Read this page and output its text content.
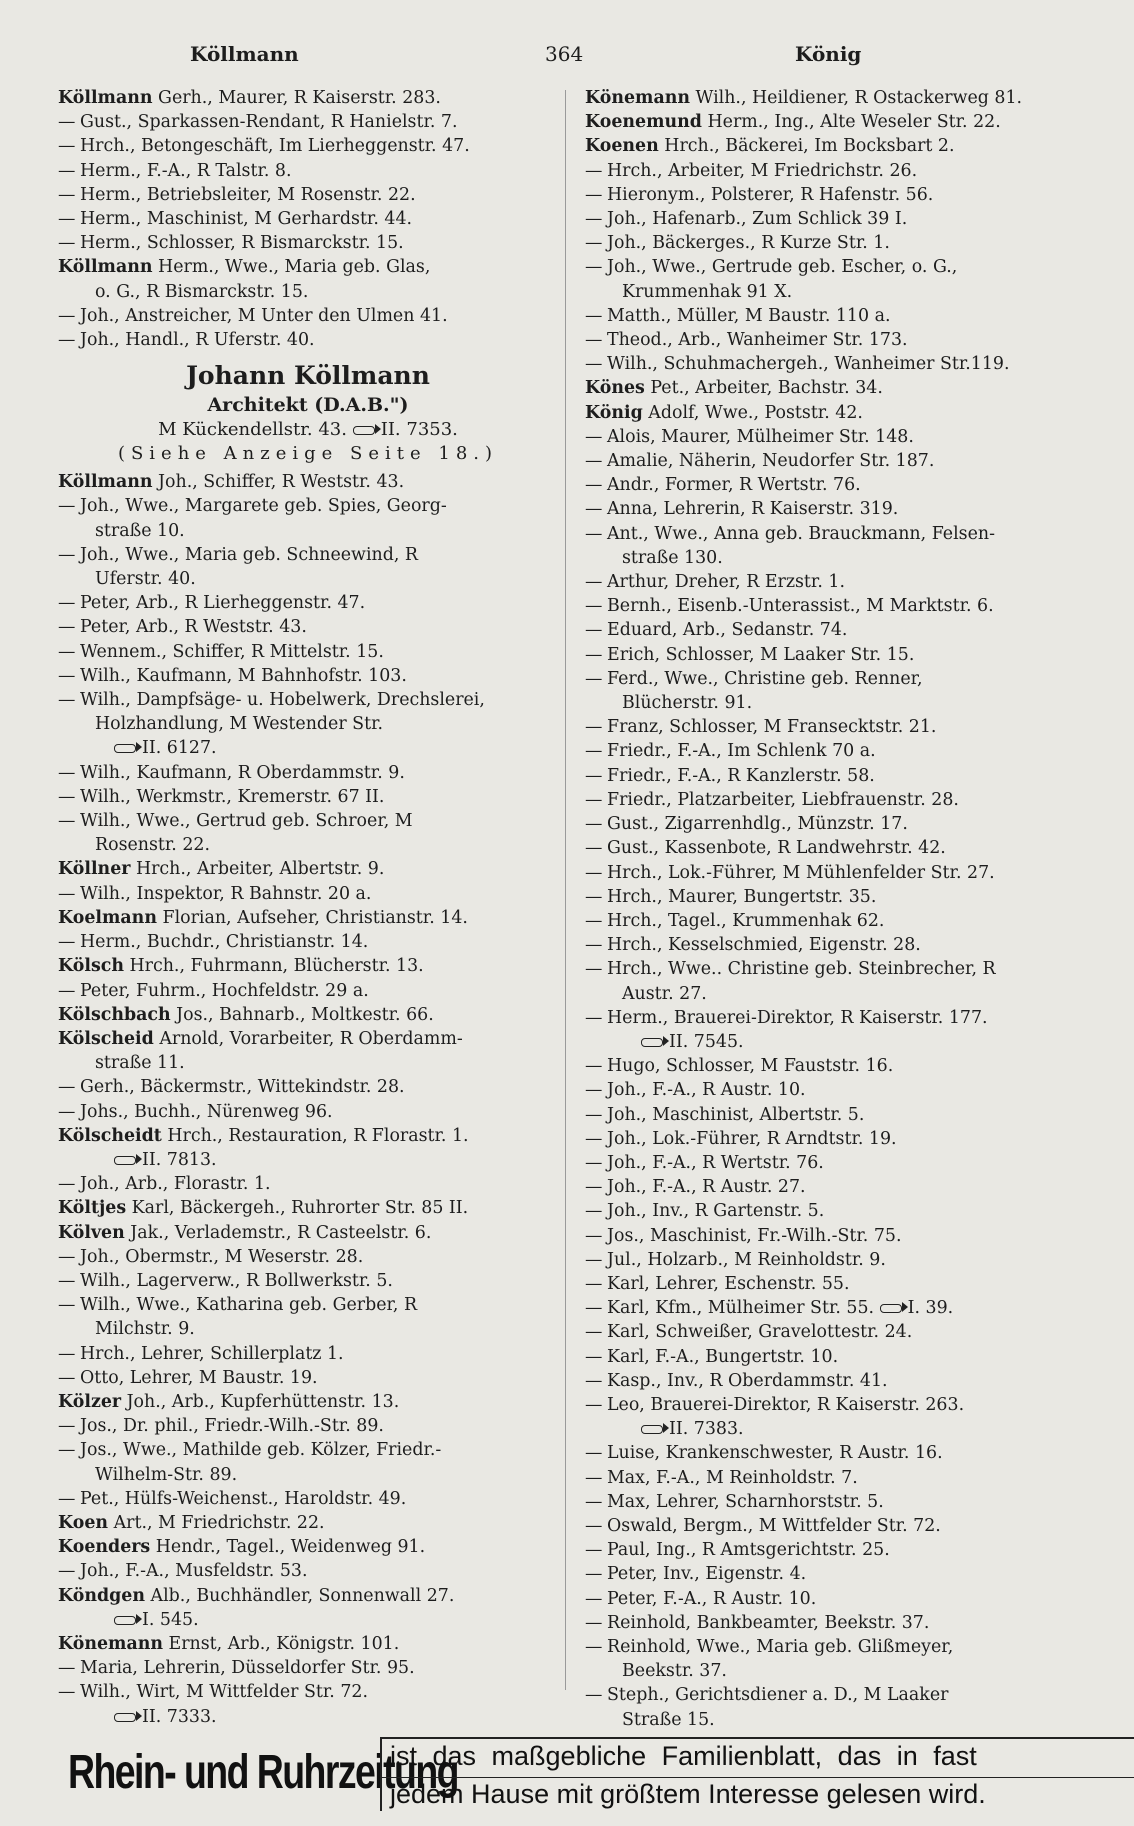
Köllmann	364	König
Köllmann Gerh., Maurer, R Kaiserstr. 283.
— Gust., Sparkassen-Rendant, R Hanielstr. 7.
— Hrch., Betongeschäft, Im Lierheggenstr. 47.
— Herm., F.-A., R Talstr. 8.
— Herm., Betriebsleiter, M Rosenstr. 22.
— Herm., Maschinist, M Gerhardstr. 44.
— Herm., Schlosser, R Bismarckstr. 15.
Köllmann Herm., Wwe., Maria geb. Glas,
o. G., R Bismarckstr. 15.
— Joh., Anstreicher, M Unter den Ulmen 41.
— Joh., Handl., R Uferstr. 40.
Johann Köllmann
Architekt (D.A.B.")
M Kückendellstr. 43. II. 7353.
(Siehe Anzeige Seite 18.)
Köllmann Joh., Schiffer, R Weststr. 43.
— Joh., Wwe., Margarete geb. Spies, Georg-
straße 10.
— Joh., Wwe., Maria geb. Schneewind, R
Uferstr. 40.
— Peter, Arb., R Lierheggenstr. 47.
— Peter, Arb., R Weststr. 43.
— Wennem., Schiffer, R Mittelstr. 15.
— Wilh., Kaufmann, M Bahnhofstr. 103.
— Wilh., Dampfsäge- u. Hobelwerk, Drechslerei,
Holzhandlung, M Westender Str.
II. 6127.
— Wilh., Kaufmann, R Oberdammstr. 9.
— Wilh., Werkmstr., Kremerstr. 67 II.
— Wilh., Wwe., Gertrud geb. Schroer, M
Rosenstr. 22.
Köllner Hrch., Arbeiter, Albertstr. 9.
— Wilh., Inspektor, R Bahnstr. 20 a.
Koelmann Florian, Aufseher, Christianstr. 14.
— Herm., Buchdr., Christianstr. 14.
Kölsch Hrch., Fuhrmann, Blücherstr. 13.
— Peter, Fuhrm., Hochfeldstr. 29 a.
Kölschbach Jos., Bahnarb., Moltkestr. 66.
Kölscheid Arnold, Vorarbeiter, R Oberdamm-
straße 11.
— Gerh., Bäckermstr., Wittekindstr. 28.
— Johs., Buchh., Nürenweg 96.
Kölscheidt Hrch., Restauration, R Florastr. 1.
II. 7813.
— Joh., Arb., Florastr. 1.
Költjes Karl, Bäckergeh., Ruhrorter Str. 85 II.
Kölven Jak., Verlademstr., R Casteelstr. 6.
— Joh., Obermstr., M Weserstr. 28.
— Wilh., Lagerverw., R Bollwerkstr. 5.
— Wilh., Wwe., Katharina geb. Gerber, R
Milchstr. 9.
— Hrch., Lehrer, Schillerplatz 1.
— Otto, Lehrer, M Baustr. 19.
Kölzer Joh., Arb., Kupferhüttenstr. 13.
— Jos., Dr. phil., Friedr.-Wilh.-Str. 89.
— Jos., Wwe., Mathilde geb. Kölzer, Friedr.-
Wilhelm-Str. 89.
— Pet., Hülfs-Weichenst., Haroldstr. 49.
Koen Art., M Friedrichstr. 22.
Koenders Hendr., Tagel., Weidenweg 91.
— Joh., F.-A., Musfeldstr. 53.
Köndgen Alb., Buchhändler, Sonnenwall 27.
I. 545.
Könemann Ernst, Arb., Königstr. 101.
— Maria, Lehrerin, Düsseldorfer Str. 95.
— Wilh., Wirt, M Wittfelder Str. 72.
II. 7333.
Könemann Wilh., Heildiener, R Ostackerweg 81.
Koenemund Herm., Ing., Alte Weseler Str. 22.
Koenen Hrch., Bäckerei, Im Bocksbart 2.
— Hrch., Arbeiter, M Friedrichstr. 26.
— Hieronym., Polsterer, R Hafenstr. 56.
— Joh., Hafenarb., Zum Schlick 39 I.
— Joh., Bäckerges., R Kurze Str. 1.
— Joh., Wwe., Gertrude geb. Escher, o. G.,
Krummenhak 91 X.
— Matth., Müller, M Baustr. 110 a.
— Theod., Arb., Wanheimer Str. 173.
— Wilh., Schuhmachergeh., Wanheimer Str.119.
Könes Pet., Arbeiter, Bachstr. 34.
König Adolf, Wwe., Poststr. 42.
— Alois, Maurer, Mülheimer Str. 148.
— Amalie, Näherin, Neudorfer Str. 187.
— Andr., Former, R Wertstr. 76.
— Anna, Lehrerin, R Kaiserstr. 319.
— Ant., Wwe., Anna geb. Brauckmann, Felsen-
straße 130.
— Arthur, Dreher, R Erzstr. 1.
— Bernh., Eisenb.-Unterassist., M Marktstr. 6.
— Eduard, Arb., Sedanstr. 74.
— Erich, Schlosser, M Laaker Str. 15.
— Ferd., Wwe., Christine geb. Renner,
Blücherstr. 91.
— Franz, Schlosser, M Fransecktstr. 21.
— Friedr., F.-A., Im Schlenk 70 a.
— Friedr., F.-A., R Kanzlerstr. 58.
— Friedr., Platzarbeiter, Liebfrauenstr. 28.
— Gust., Zigarrenhdlg., Münzstr. 17.
— Gust., Kassenbote, R Landwehrstr. 42.
— Hrch., Lok.-Führer, M Mühlenfelder Str. 27.
— Hrch., Maurer, Bungertstr. 35.
— Hrch., Tagel., Krummenhak 62.
— Hrch., Kesselschmied, Eigenstr. 28.
— Hrch., Wwe.. Christine geb. Steinbrecher, R
Austr. 27.
— Herm., Brauerei-Direktor, R Kaiserstr. 177.
II. 7545.
— Hugo, Schlosser, M Fauststr. 16.
— Joh., F.-A., R Austr. 10.
— Joh., Maschinist, Albertstr. 5.
— Joh., Lok.-Führer, R Arndtstr. 19.
— Joh., F.-A., R Wertstr. 76.
— Joh., F.-A., R Austr. 27.
— Joh., Inv., R Gartenstr. 5.
— Jos., Maschinist, Fr.-Wilh.-Str. 75.
— Jul., Holzarb., M Reinholdstr. 9.
— Karl, Lehrer, Eschenstr. 55.
— Karl, Kfm., Mülheimer Str. 55. I. 39.
— Karl, Schweißer, Gravelottestr. 24.
— Karl, F.-A., Bungertstr. 10.
— Kasp., Inv., R Oberdammstr. 41.
— Leo, Brauerei-Direktor, R Kaiserstr. 263.
II. 7383.
— Luise, Krankenschwester, R Austr. 16.
— Max, F.-A., M Reinholdstr. 7.
— Max, Lehrer, Scharnhorststr. 5.
— Oswald, Bergm., M Wittfelder Str. 72.
— Paul, Ing., R Amtsgerichtstr. 25.
— Peter, Inv., Eigenstr. 4.
— Peter, F.-A., R Austr. 10.
— Reinhold, Bankbeamter, Beekstr. 37.
— Reinhold, Wwe., Maria geb. Glißmeyer,
Beekstr. 37.
— Steph., Gerichtsdiener a. D., M Laaker
Straße 15.
Rhein- und Ruhrzeitung
ist das maßgebliche Familienblatt, das in fast
jedem Hause mit größtem Interesse gelesen wird.
